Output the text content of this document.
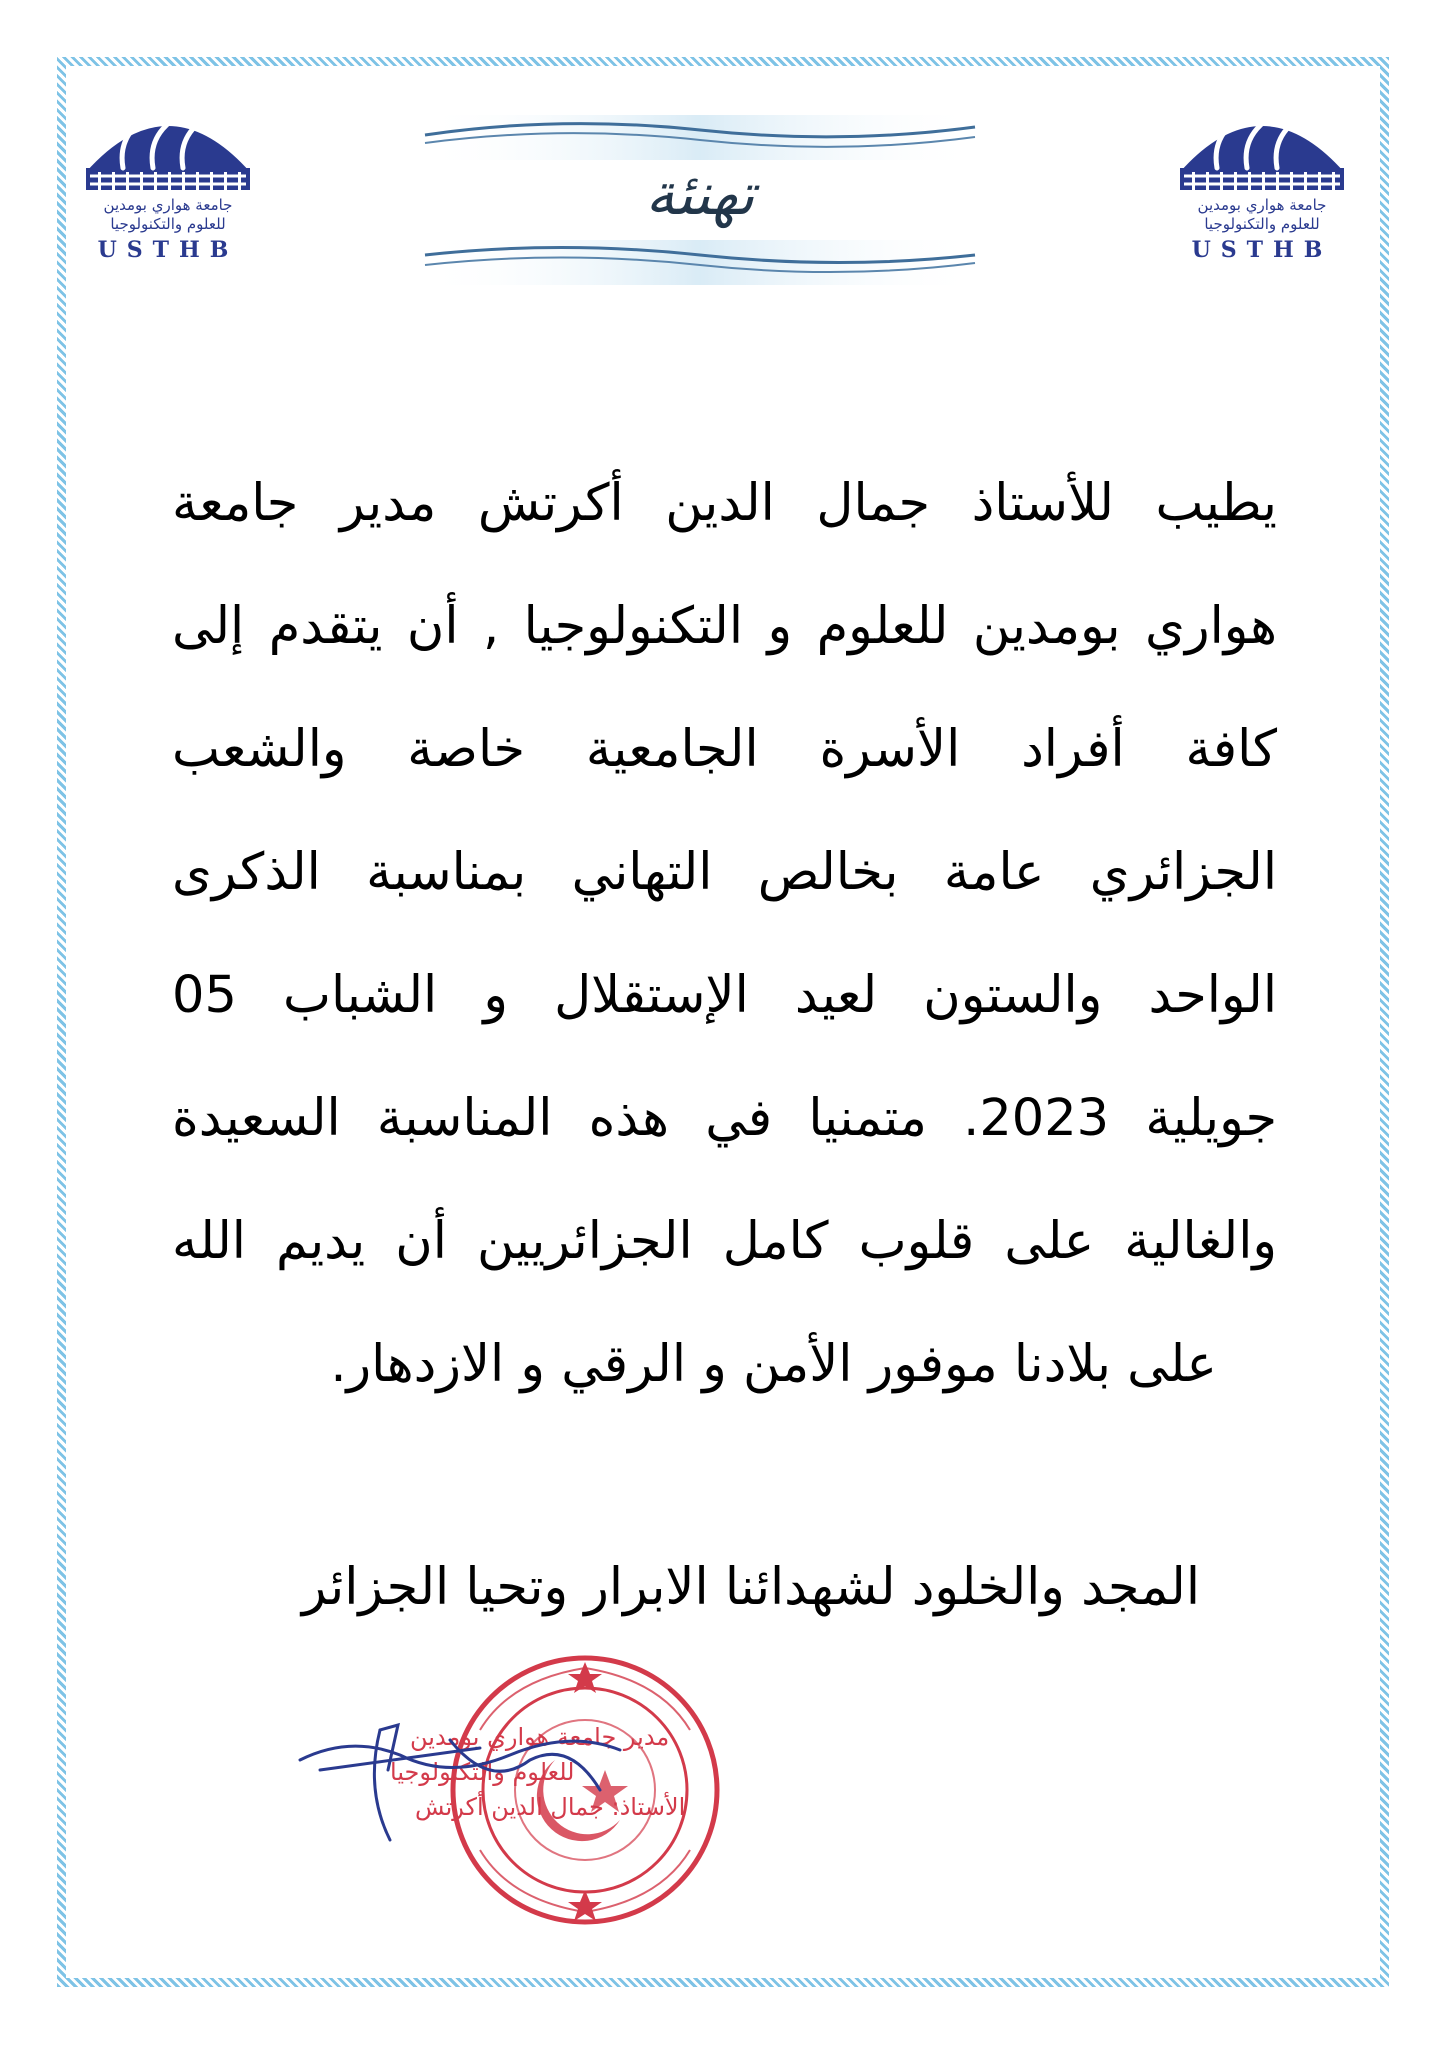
جامعة هواري بومدين
للعلوم والتكنولوجيا
USTHB
جامعة هواري بومدين
للعلوم والتكنولوجيا
USTHB
تهنئة
يطيب للأستاذ جمال الدين أكرتش مدير جامعة
هواري بومدين للعلوم و التكنولوجيا , أن يتقدم إلى
كافة أفراد الأسرة الجامعية خاصة والشعب
الجزائري عامة بخالص التهاني بمناسبة الذكرى
الواحد والستون لعيد الإستقلال و الشباب 05
جويلية 2023. متمنيا في هذه المناسبة السعيدة
والغالية على قلوب كامل الجزائريين أن يديم الله
على بلادنا موفور الأمن و الرقي و الازدهار.
المجد والخلود لشهدائنا الابرار وتحيا الجزائر
مدير جامعة هواري بومدين
للعلوم والتكنولوجيا
الأستاذ: جمال الدين أكرتش
